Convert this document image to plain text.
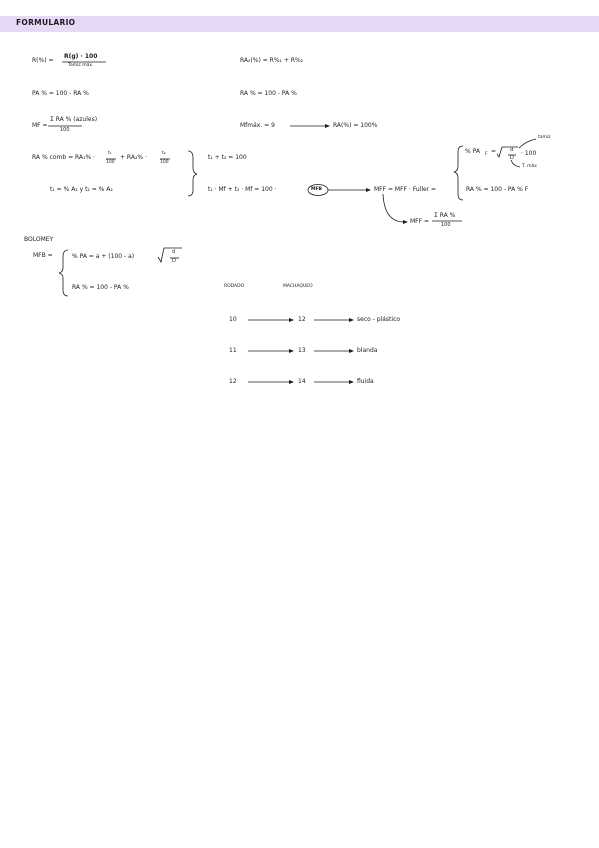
FORMULARIO
R(%) =
R(g) · 100
Tamiz máx.
RA₂(%) = R%₁ + R%₂
PA % = 100 - RA %	RA % = 100 - PA %
MF =
Σ RA % (azules)
100
Mfmáx. = 9	RA(%) = 100%
RA % comb = RA₁% ·
t₁
100
+ RA₂% ·
t₂
100
t₁ + t₂ = 100
t₁ = % A₁ y t₂ = % A₂	t₁ · Mf + t₂ · Mf = 100 ·	MFB	MFF = MFF · Fuller =	RA % = 100 - PA % F
% PA F =	d
D
· 100
tamiz
T. máx
MFF =
Σ RA %
100
BOLOMEY
MFB =	% PA = a + (100 - a)
d
D
RA % = 100 - PA %	RODADO	MACHAQUEO
10	12	seco - plástico
11	13	blanda
12	14	fluida
